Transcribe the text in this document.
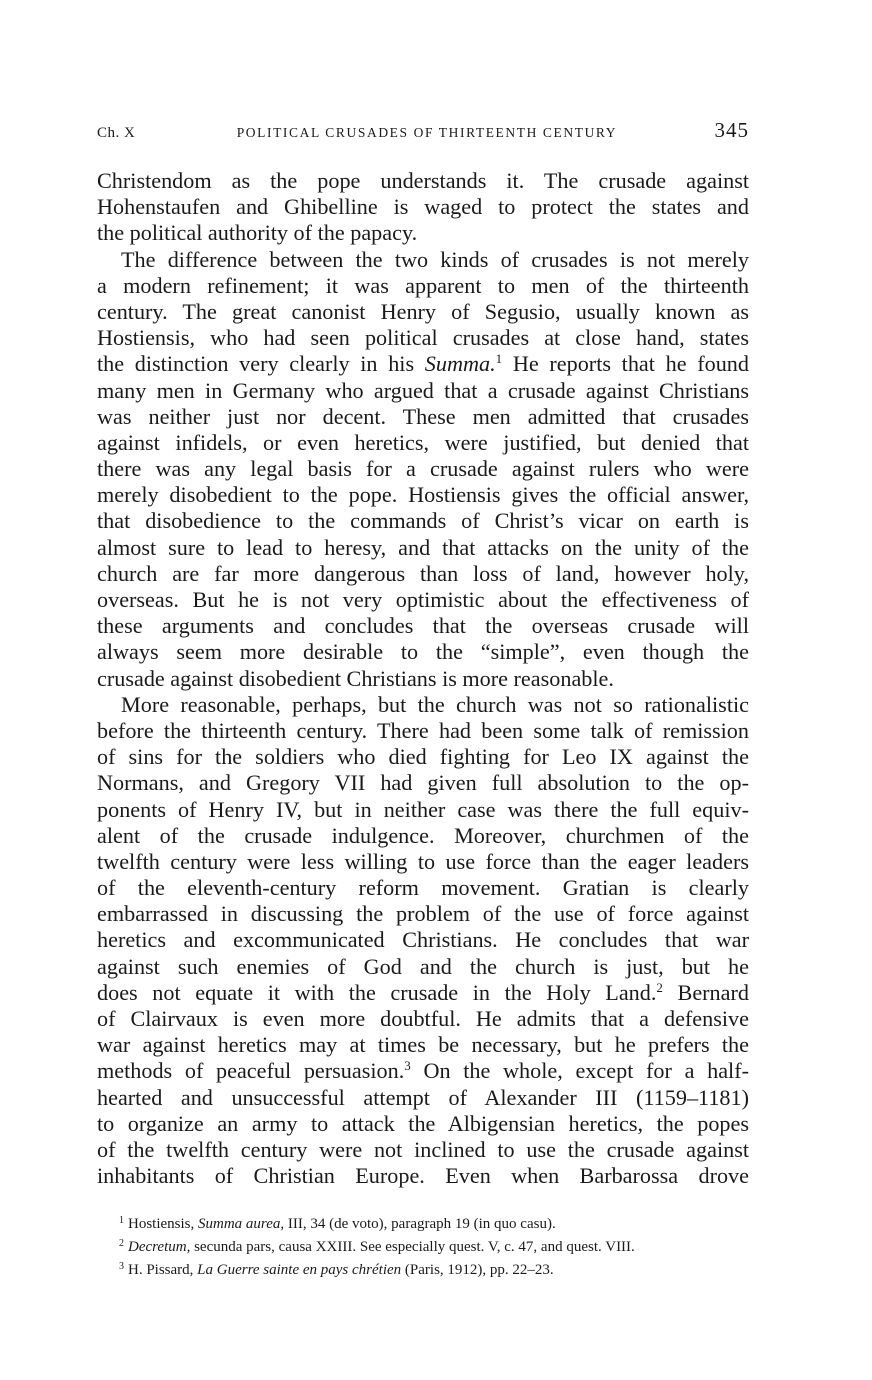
Ch. X	POLITICAL CRUSADES OF THIRTEENTH CENTURY	345

Christendom as the pope understands it. The crusade against
Hohenstaufen and Ghibelline is waged to protect the states and
the political authority of the papacy.

The difference between the two kinds of crusades is not merely
a modern refinement; it was apparent to men of the thirteenth
century. The great canonist Henry of Segusio, usually known as
Hostiensis, who had seen political crusades at close hand, states
the distinction very clearly in his Summa.$^1$ He reports that he found
many men in Germany who argued that a crusade against Christians
was neither just nor decent. These men admitted that crusades
against infidels, or even heretics, were justified, but denied that
there was any legal basis for a crusade against rulers who were
merely disobedient to the pope. Hostiensis gives the official answer,
that disobedience to the commands of Christ’s vicar on earth is
almost sure to lead to heresy, and that attacks on the unity of the
church are far more dangerous than loss of land, however holy,
overseas. But he is not very optimistic about the effectiveness of
these arguments and concludes that the overseas crusade will
always seem more desirable to the “simple”, even though the
crusade against disobedient Christians is more reasonable.

More reasonable, perhaps, but the church was not so rationalistic
before the thirteenth century. There had been some talk of remission
of sins for the soldiers who died fighting for Leo IX against the
Normans, and Gregory VII had given full absolution to the op-
ponents of Henry IV, but in neither case was there the full equiv-
alent of the crusade indulgence. Moreover, churchmen of the
twelfth century were less willing to use force than the eager leaders
of the eleventh-century reform movement. Gratian is clearly
embarrassed in discussing the problem of the use of force against
heretics and excommunicated Christians. He concludes that war
against such enemies of God and the church is just, but he
does not equate it with the crusade in the Holy Land.$^2$ Bernard
of Clairvaux is even more doubtful. He admits that a defensive
war against heretics may at times be necessary, but he prefers the
methods of peaceful persuasion.$^3$ On the whole, except for a half-
hearted and unsuccessful attempt of Alexander III (1159–1181)
to organize an army to attack the Albigensian heretics, the popes
of the twelfth century were not inclined to use the crusade against
inhabitants of Christian Europe. Even when Barbarossa drove

$^1$ Hostiensis, Summa aurea, III, 34 (de voto), paragraph 19 (in quo casu).
$^2$ Decretum, secunda pars, causa XXIII. See especially quest. V, c. 47, and quest. VIII.
$^3$ H. Pissard, La Guerre sainte en pays chrétien (Paris, 1912), pp. 22–23.
